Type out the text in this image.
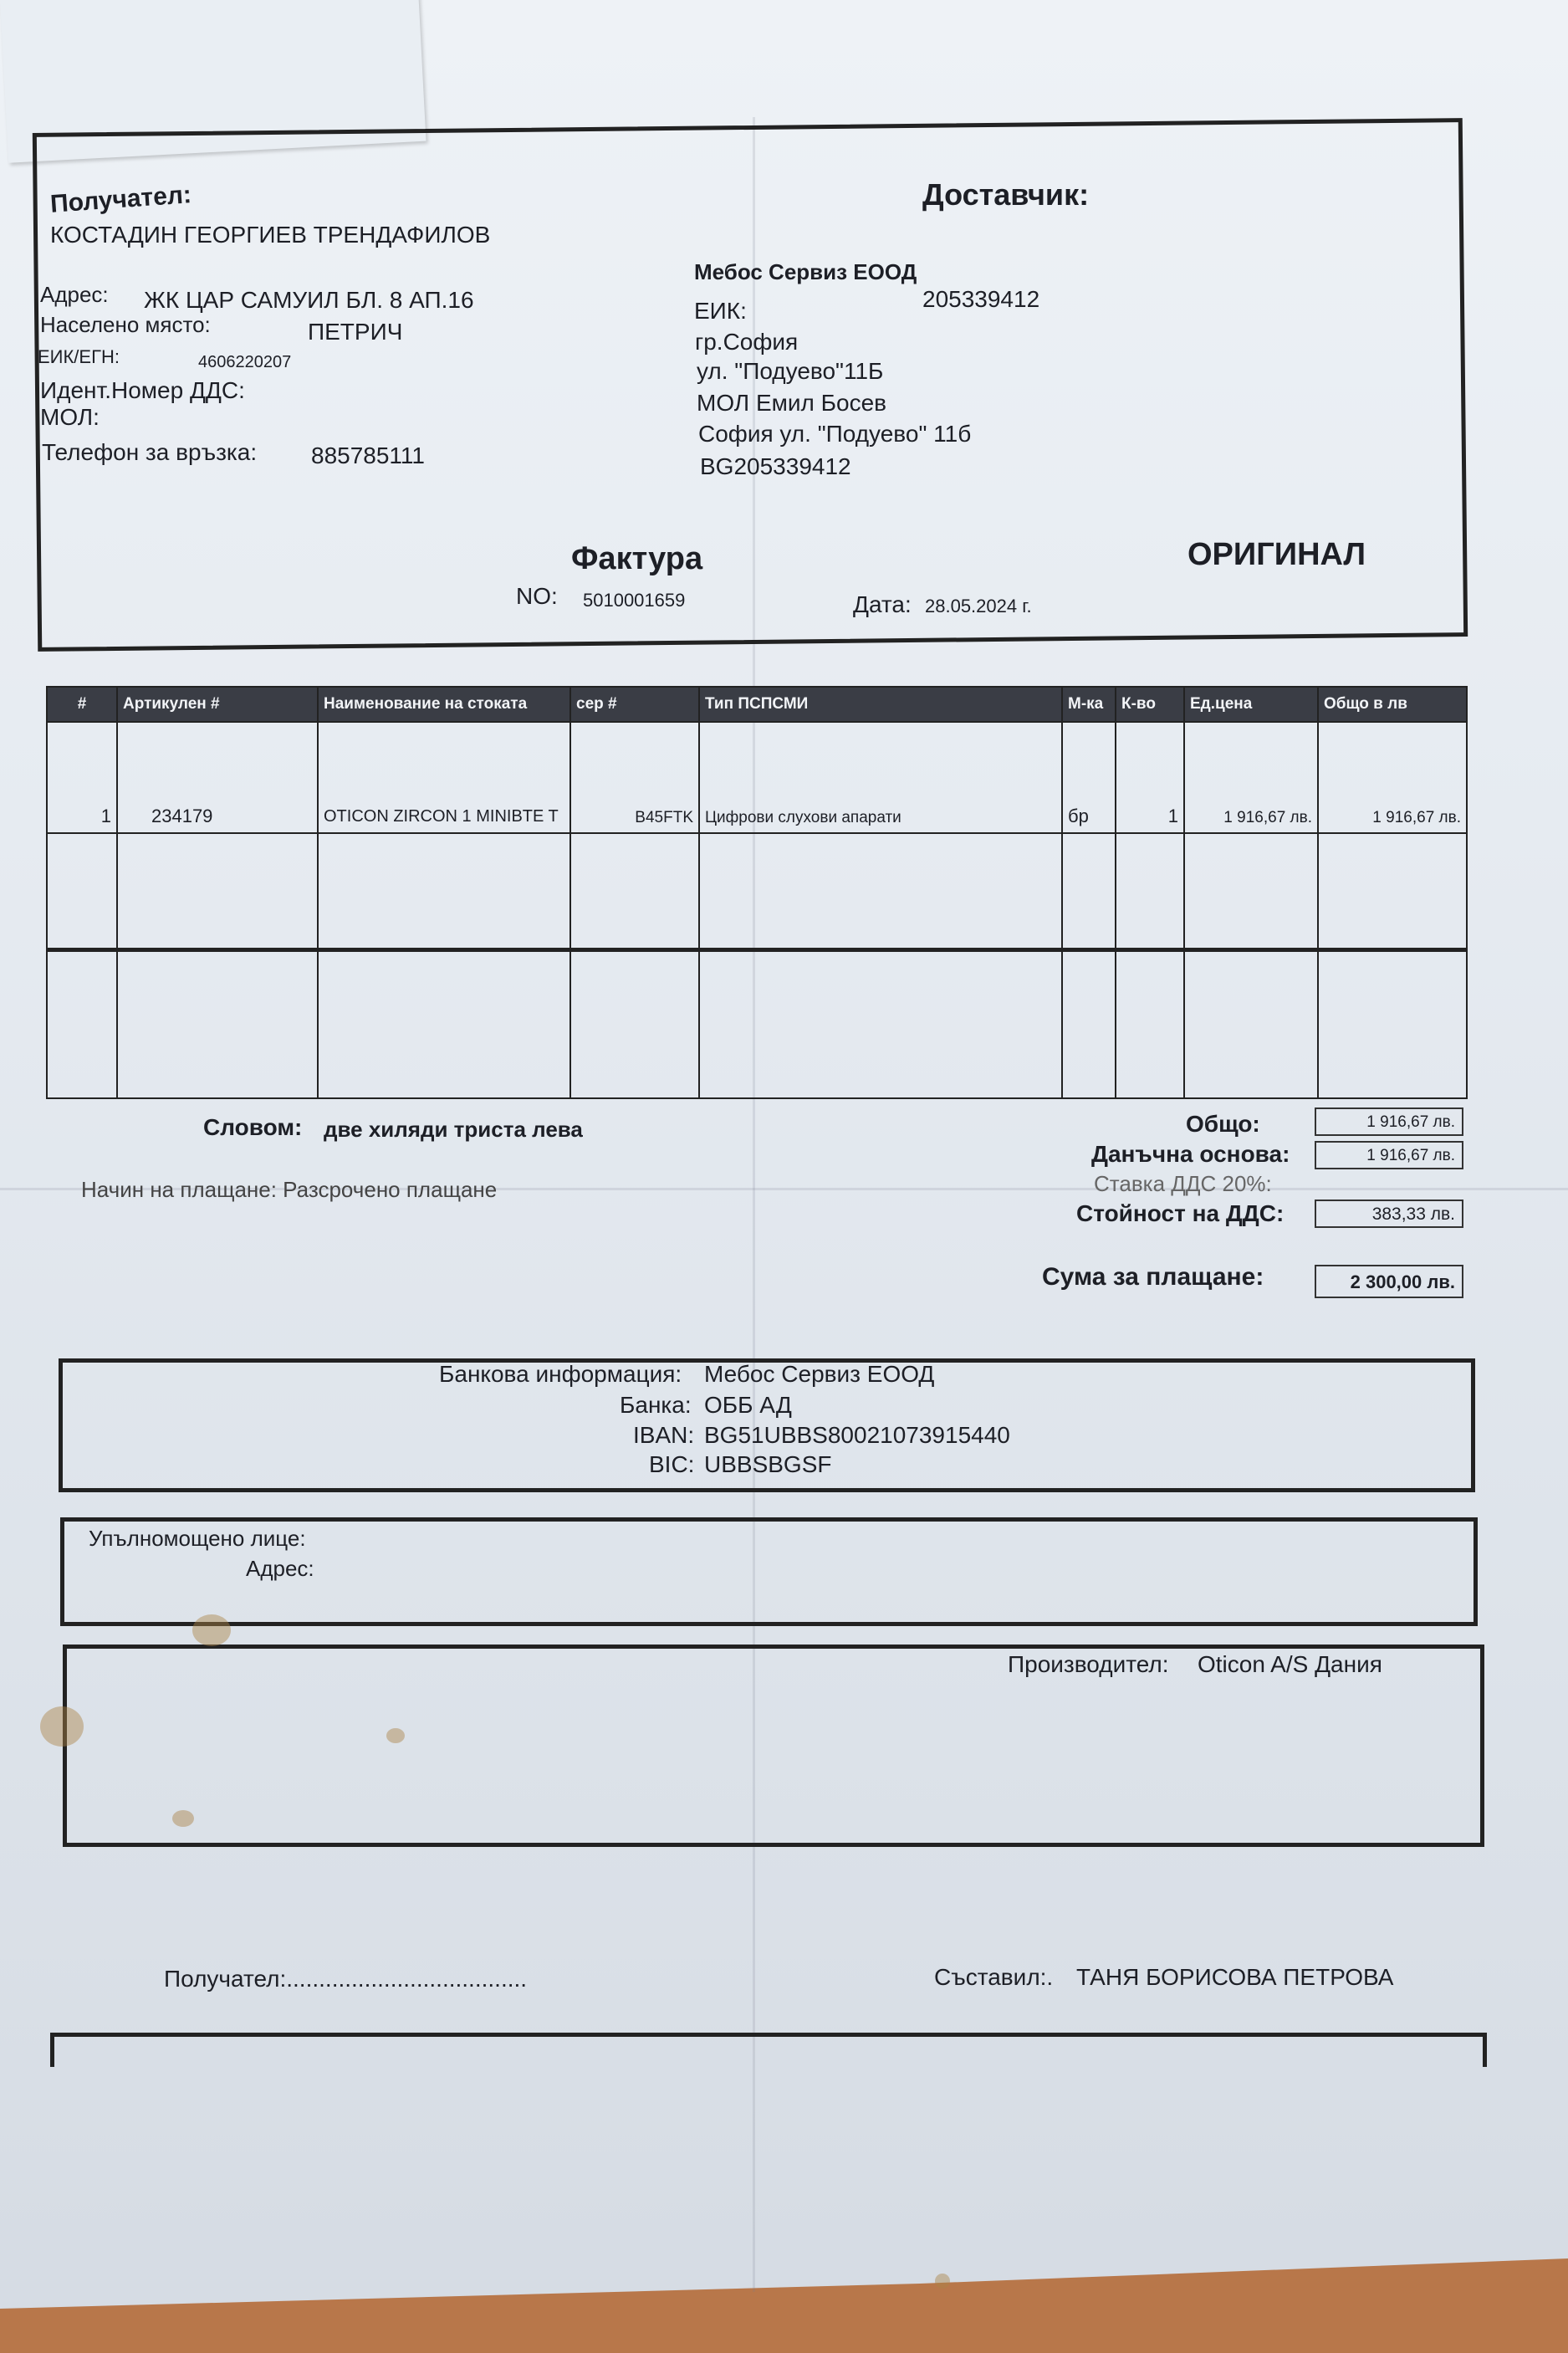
Получател:
КОСТАДИН ГЕОРГИЕВ ТРЕНДАФИЛОВ
Адрес: ЖК ЦАР САМУИЛ БЛ. 8 АП.16
Населено място:	ПЕТРИЧ
ЕИК/ЕГН:	4606220207
Идент.Номер ДДС:
МОЛ:
Телефон за връзка: 885785111
Доставчик:
Мебос Сервиз ЕООД
ЕИК:	205339412
гр.София
ул. "Подуево"11Б
МОЛ Емил Босев
София ул. "Подуево" 11б
BG205339412
Фактура	ОРИГИНАЛ
NO: 5010001659	Дата: 28.05.2024 г.
#	Артикулен #	Наименование на стоката	сер #	Тип ПСПСМИ	М-ка	К-во	Ед.цена	Общо в лв
1	234179	OTICON ZIRCON 1 MINIBTE T	B45FTK	Цифрови слухови апарати	бр	1	1 916,67 лв.	1 916,67 лв.

Словом: две хиляди триста лева
Начин на плащане: Разсрочено плащане
Общо:	1 916,67 лв.
Данъчна основа:	1 916,67 лв.
Ставка ДДС 20%:
Стойност на ДДС:	383,33 лв.
Сума за плащане:	2 300,00 лв.
Банкова информация: Мебос Сервиз ЕООД
Банка: ОББ АД
IBAN: BG51UBBS80021073915440
BIC: UBBSBGSF
Упълномощено лице:
Адрес:
Производител: Oticon A/S Дания
Получател:.....................................	Съставил:. ТАНЯ БОРИСОВА ПЕТРОВА
